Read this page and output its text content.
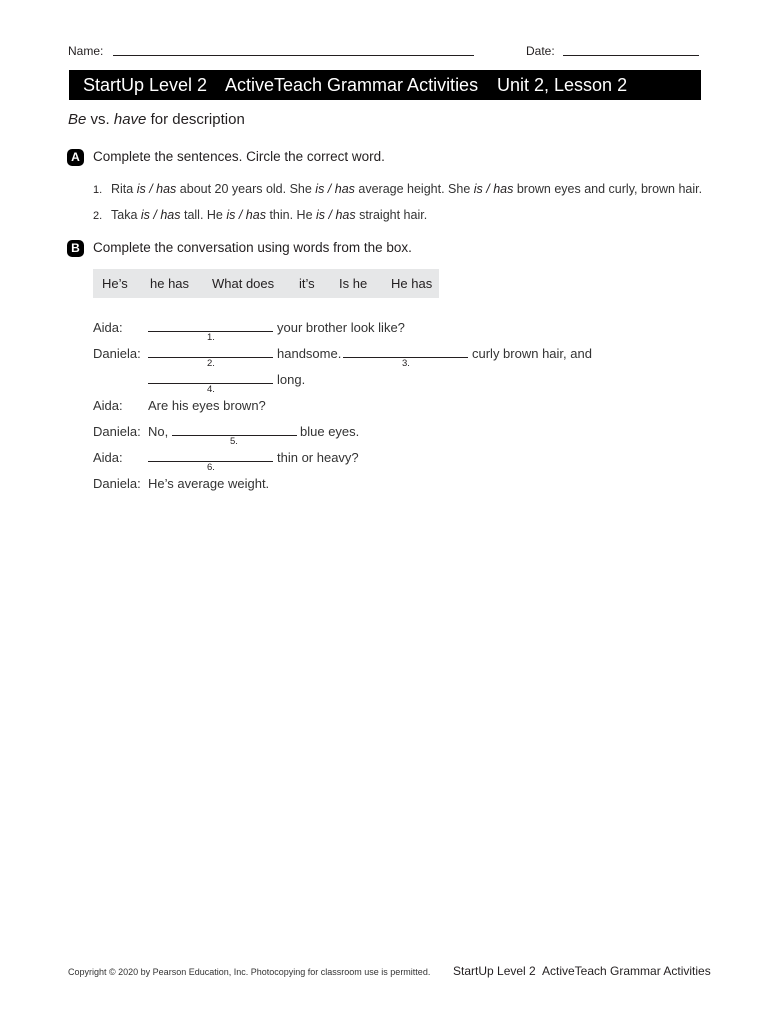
Name:	Date:
StartUp Level 2 ActiveTeach Grammar Activities Unit 2, Lesson 2
Be vs. have for description
A Complete the sentences. Circle the correct word.
1. Rita is / has about 20 years old. She is / has average height. She is / has brown eyes and curly, brown hair.
2. Taka is / has tall. He is / has thin. He is / has straight hair.
B Complete the conversation using words from the box.
He’s he has What does it’s Is he He has
Aida:
1.
your brother look like?
Daniela:
2.
handsome.
3.
curly brown hair, and
4.
long.
Aida: Are his eyes brown?
Daniela: No,
5.
blue eyes.
Aida:
6.
thin or heavy?
Daniela: He’s average weight.
Copyright © 2020 by Pearson Education, Inc. Photocopying for classroom use is permitted. StartUp Level 2 ActiveTeach Grammar Activities
